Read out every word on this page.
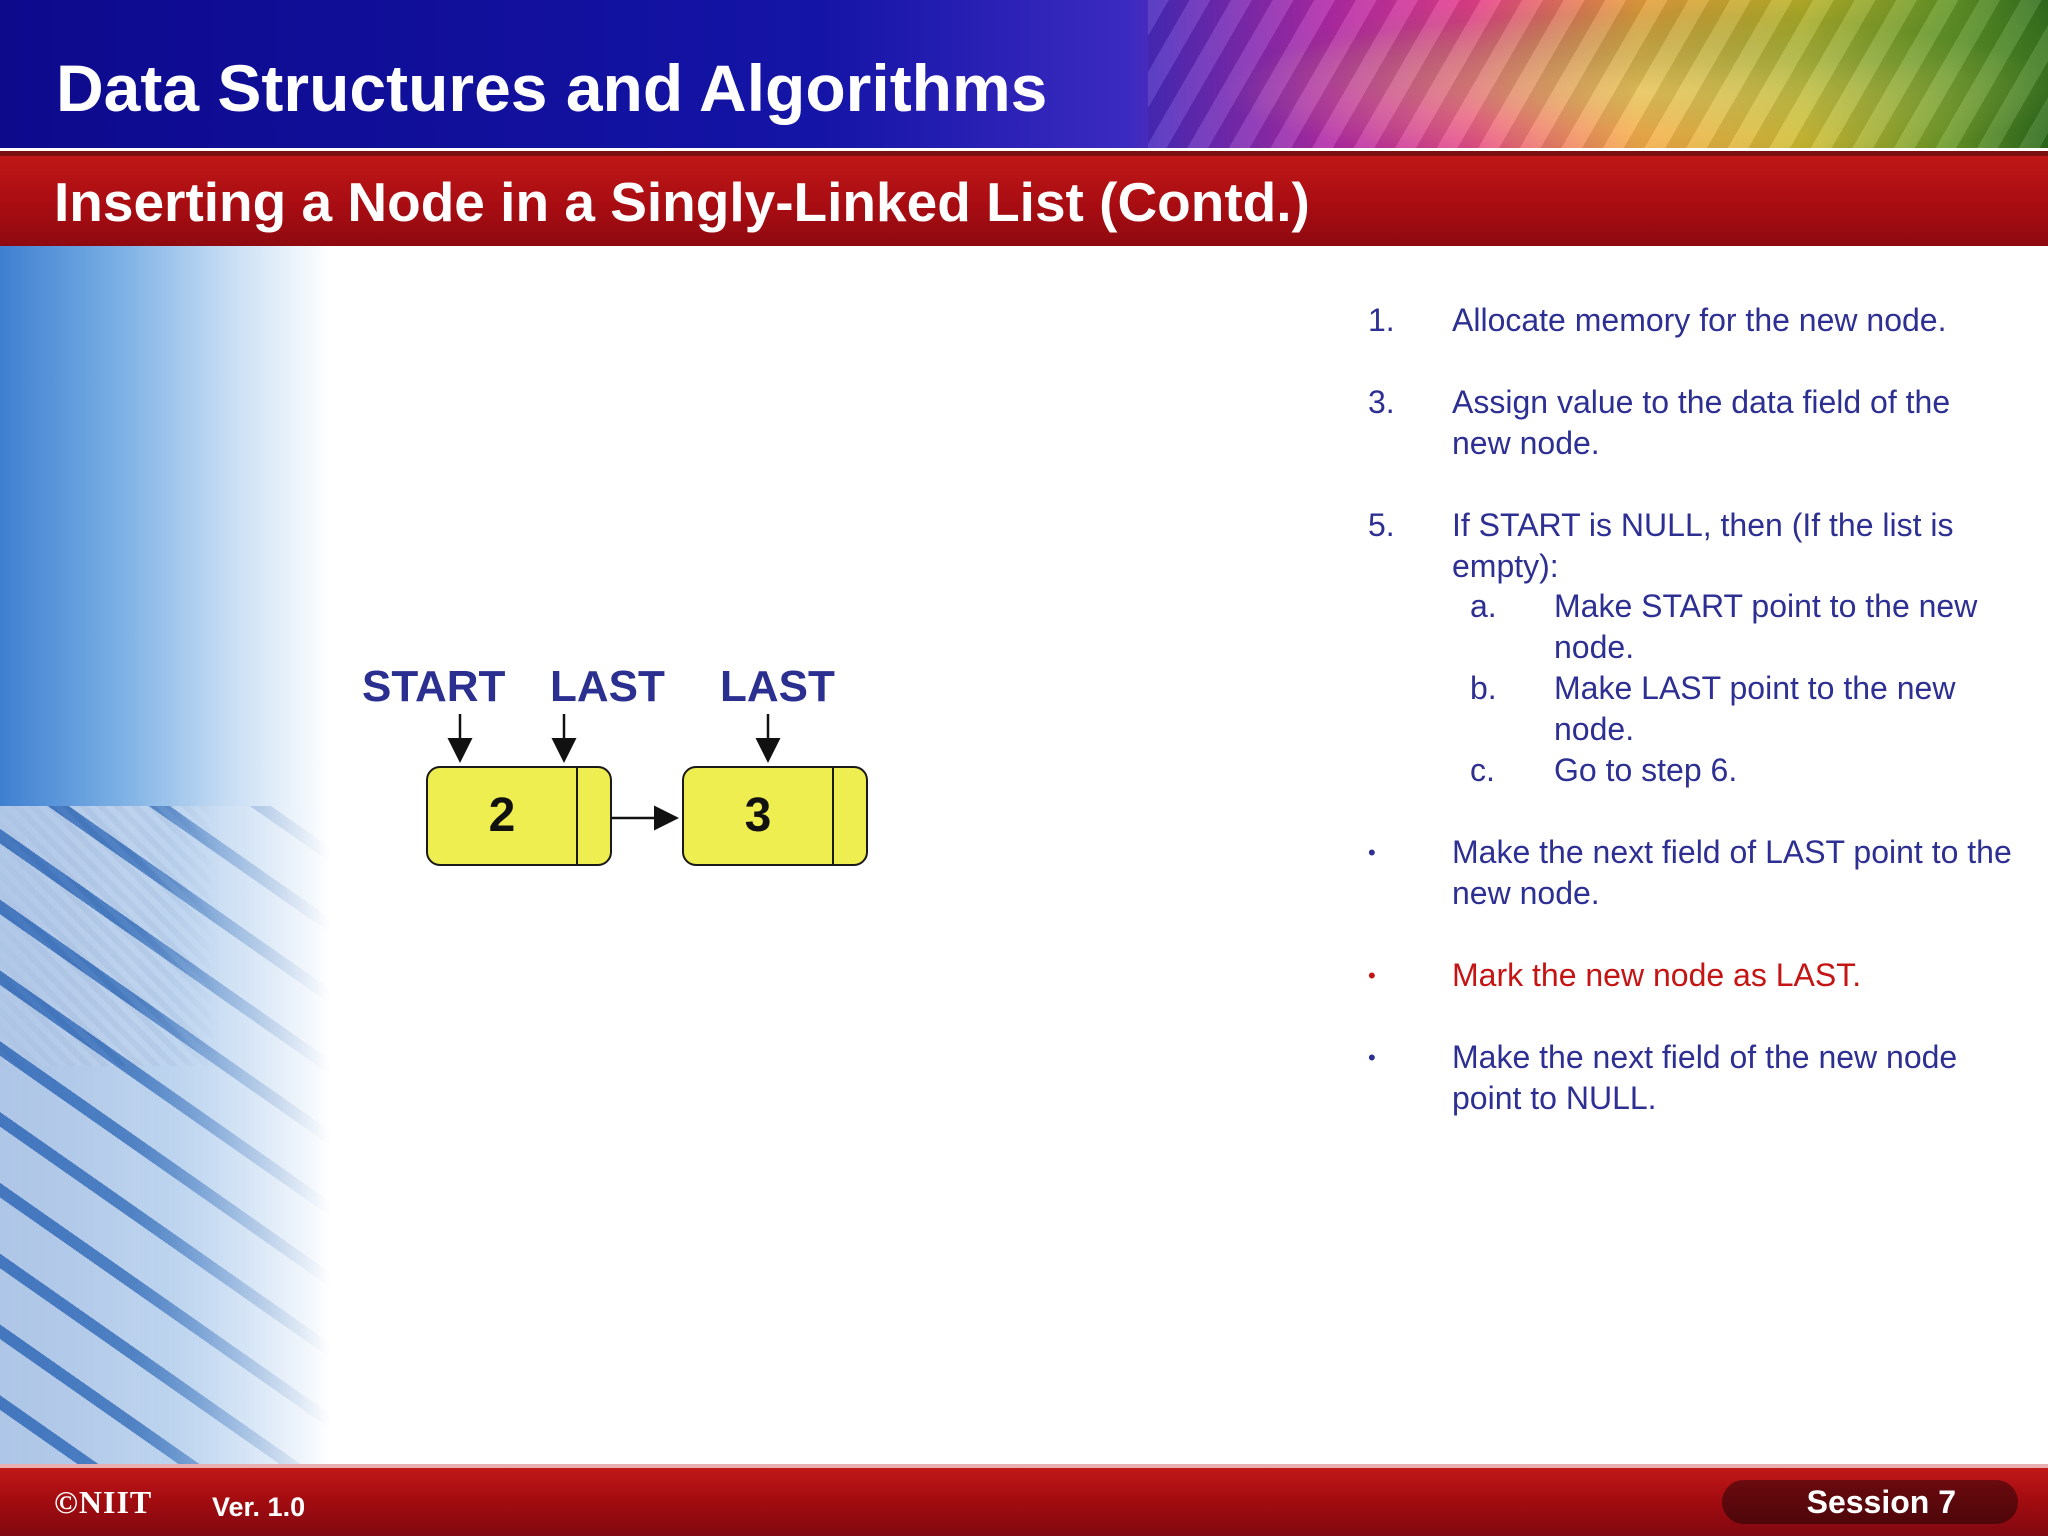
Data Structures and Algorithms
Inserting a Node in a Singly-Linked List (Contd.)
START LAST LAST
2	3
1.	Allocate memory for the new node.
3.	Assign value to the data field of the new node.
5.	If START is NULL, then (If the list is empty):
a. Make START point to the new node.
b. Make LAST point to the new node.
c. Go to step 6.
•	Make the next field of LAST point to the new node.
•	Mark the new node as LAST.
•	Make the next field of the new node point to NULL.
©NIIT Ver. 1.0	Session 7
